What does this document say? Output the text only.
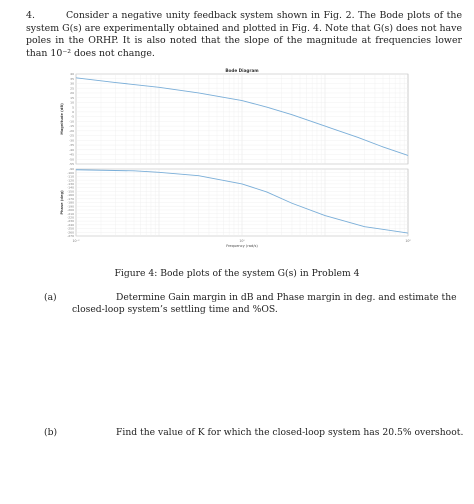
4.	Consider a negative unity feedback system shown in Fig. 2. The Bode plots of the system G(s) are experimentally obtained and plotted in Fig. 4. Note that G(s) does not have poles in the ORHP. It is also noted that the slope of the magnitude at frequencies lower than 10⁻² does not change.

Bode Diagram
-55
-50
-45
-40
-35
-30
-25
-20
-15
-10
-5
0
5
10
15
20
25
30
35
40
Magnitude (dB)
-270
-260
-250
-240
-230
-220
-210
-200
-190
-180
-170
-160
-150
-140
-130
-120
-110
-100
-90
Phase (deg)
10⁻²	10⁰	10²
Frequency (rad/s)
Figure 4: Bode plots of the system G(s) in Problem 4
(a)	Determine Gain margin in dB and Phase margin in deg. and estimate the closed-loop system’s settling time and %OS.
(b)	Find the value of K for which the closed-loop system has 20.5% overshoot.
